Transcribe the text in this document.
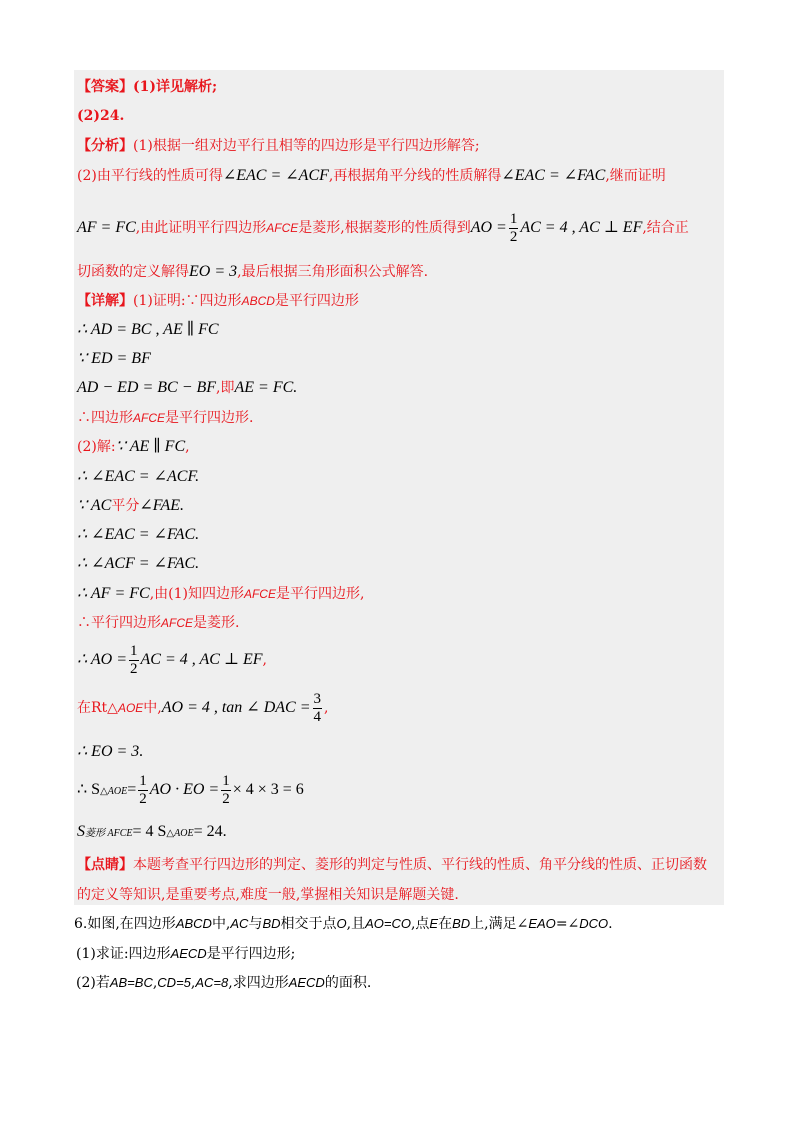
【答案】(1)详见解析;
(2)24.
【分析】(1)根据一组对边平行且相等的四边形是平行四边形解答;
(2)由平行线的性质可得∠EAC = ∠ACF,再根据角平分线的性质解得∠EAC = ∠FAC,继而证明
AF = FC,由此证明平行四边形AFCE是菱形,根据菱形的性质得到AO = $\frac{1}{2}$ AC = 4 , AC ⊥ EF,结合正
切函数的定义解得EO = 3,最后根据三角形面积公式解答.
【详解】(1)证明:∵四边形ABCD是平行四边形
∴ AD = BC , AE ∥ FC
∵ ED = BF
AD − ED = BC − BF,即AE = FC.
∴四边形AFCE是平行四边形.
(2)解:∵ AE ∥ FC,
∴ ∠EAC = ∠ACF.
∵ AC平分∠FAE.
∴ ∠EAC = ∠FAC.
∴ ∠ACF = ∠FAC.
∴ AF = FC,由(1)知四边形AFCE是平行四边形,
∴平行四边形AFCE是菱形.
∴ AO = $\frac{1}{2}$ AC = 4 , AC ⊥ EF,
在Rt△AOE中,AO = 4 , tan ∠ DAC = $\frac{3}{4}$ ,
∴ EO = 3.
∴ S△AOE= $\frac{1}{2}$ AO · EO = $\frac{1}{2} \times 4 \times 3 = 6$
S菱形 AFCE= 4 S△AOE= 24.
【点睛】本题考查平行四边形的判定、菱形的判定与性质、平行线的性质、角平分线的性质、正切函数
的定义等知识,是重要考点,难度一般,掌握相关知识是解题关键.
6.如图,在四边形ABCD中,AC与BD相交于点O,且AO=CO,点E在BD上,满足∠EAO=∠DCO.
(1)求证:四边形AECD是平行四边形;
(2)若AB=BC,CD=5,AC=8,求四边形AECD的面积.
